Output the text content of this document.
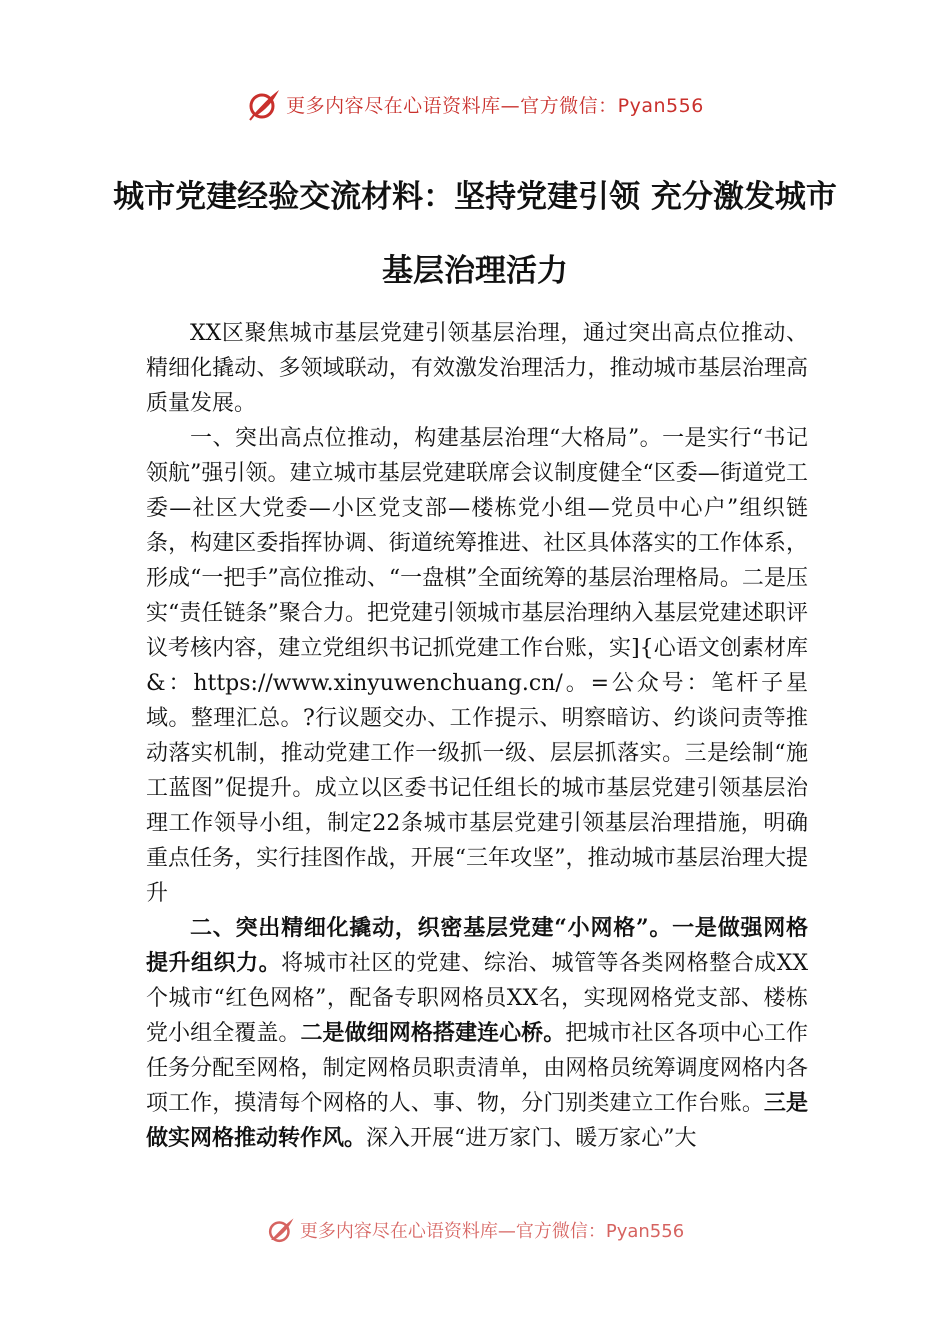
更多内容尽在心语资料库—官方微信：Pyan556
城市党建经验交流材料：坚持党建引领 充分激发城市基层治理活力

XX区聚焦城市基层党建引领基层治理，通过突出高点位推动、精细化撬动、多领域联动，有效激发治理活力，推动城市基层治理高质量发展。

一、突出高点位推动，构建基层治理“大格局”。一是实行“书记领航”强引领。建立城市基层党建联席会议制度健全“区委—街道党工委—社区大党委—小区党支部—楼栋党小组—党员中心户”组织链条，构建区委指挥协调、街道统筹推进、社区具体落实的工作体系，形成“一把手”高位推动、“一盘棋”全面统筹的基层治理格局。二是压实“责任链条”聚合力。把党建引领城市基层治理纳入基层党建述职评议考核内容，建立党组织书记抓党建工作台账，实]{心语文创素材库&：https://www.xinyuwenchuang.cn/。=公众号：笔杆子星域。整理汇总。?行议题交办、工作提示、明察暗访、约谈问责等推动落实机制，推动党建工作一级抓一级、层层抓落实。三是绘制“施工蓝图”促提升。成立以区委书记任组长的城市基层党建引领基层治理工作领导小组，制定22条城市基层党建引领基层治理措施，明确重点任务，实行挂图作战，开展“三年攻坚”，推动城市基层治理大提升

二、突出精细化撬动，织密基层党建“小网格”。一是做强网格提升组织力。将城市社区的党建、综治、城管等各类网格整合成XX个城市“红色网格”，配备专职网格员XX名，实现网格党支部、楼栋党小组全覆盖。二是做细网格搭建连心桥。把城市社区各项中心工作任务分配至网格，制定网格员职责清单，由网格员统筹调度网格内各项工作，摸清每个网格的人、事、物，分门别类建立工作台账。三是做实网格推动转作风。深入开展“进万家门、暖万家心”大

更多内容尽在心语资料库—官方微信：Pyan556
